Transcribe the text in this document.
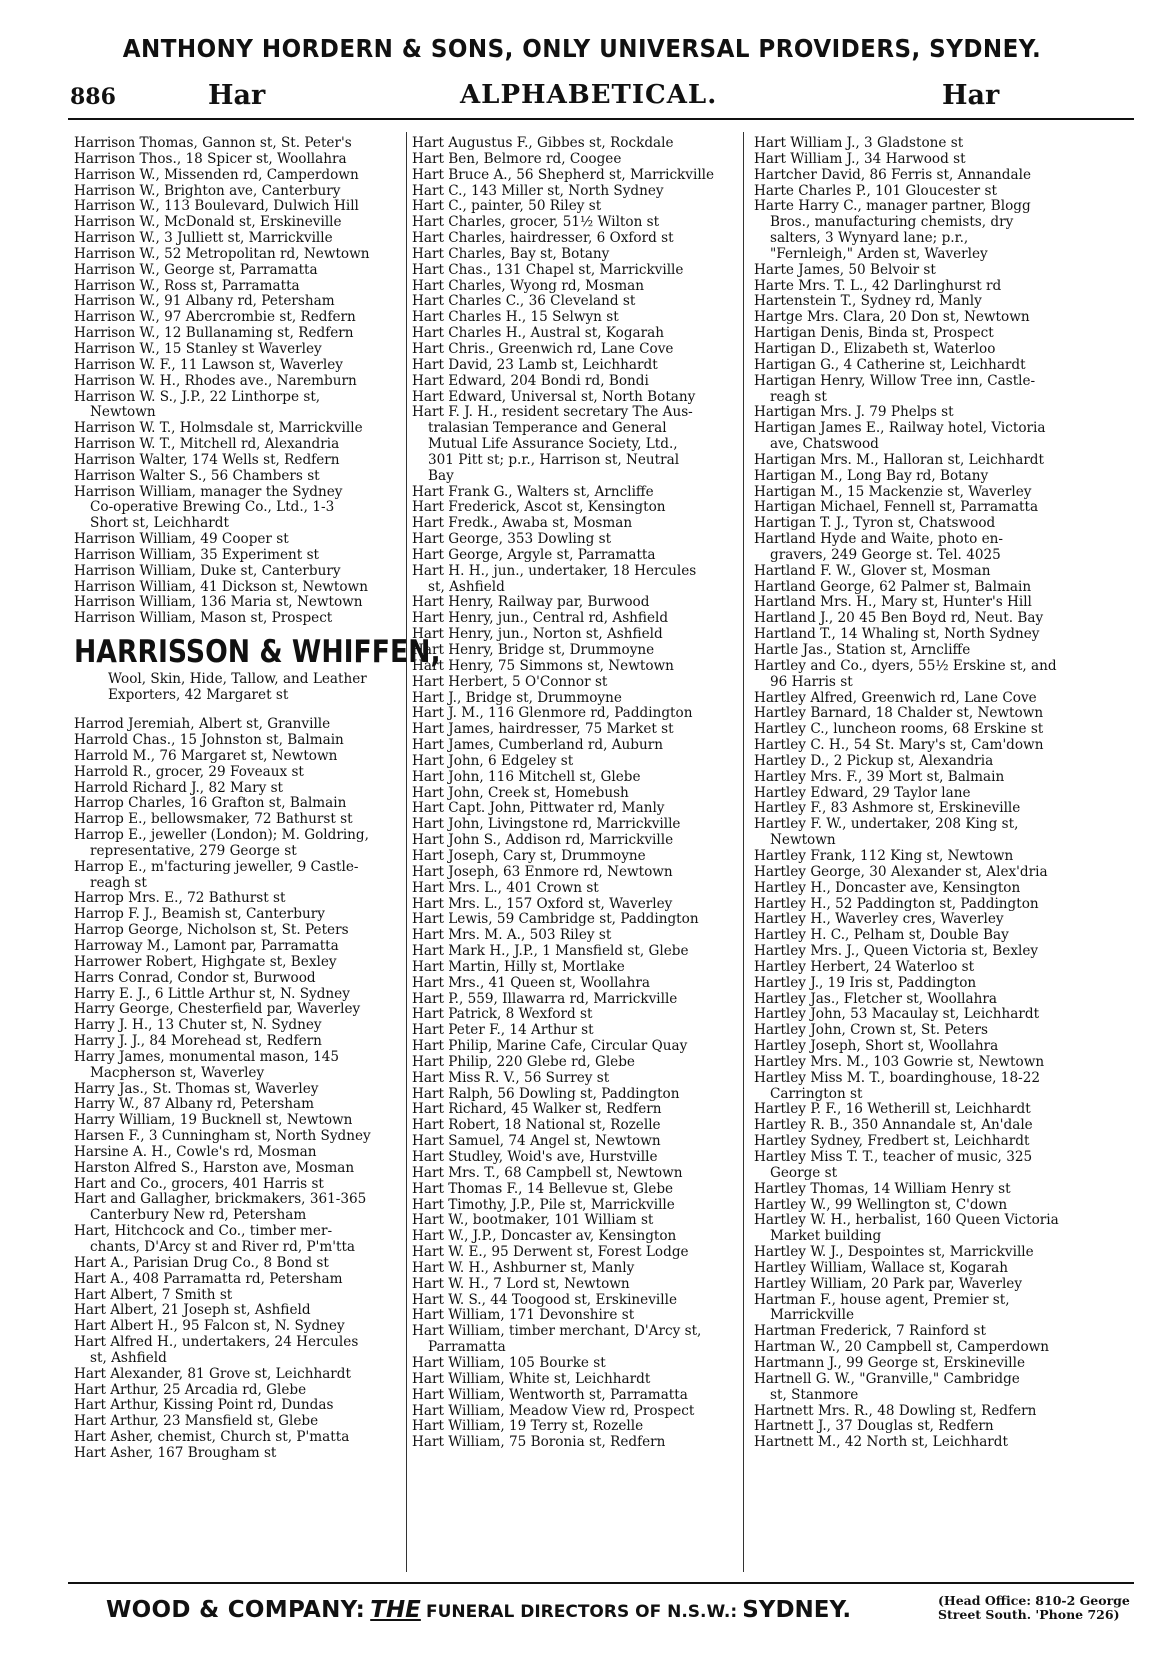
ANTHONY HORDERN & SONS, ONLY UNIVERSAL PROVIDERS, SYDNEY.
886	Har	ALPHABETICAL.	Har
Harrison Thomas, Gannon st, St. Peter's
Harrison Thos., 18 Spicer st, Woollahra
Harrison W., Missenden rd, Camperdown
Harrison W., Brighton ave, Canterbury
Harrison W., 113 Boulevard, Dulwich Hill
Harrison W., McDonald st, Erskineville
Harrison W., 3 Julliett st, Marrickville
Harrison W., 52 Metropolitan rd, Newtown
Harrison W., George st, Parramatta
Harrison W., Ross st, Parramatta
Harrison W., 91 Albany rd, Petersham
Harrison W., 97 Abercrombie st, Redfern
Harrison W., 12 Bullanaming st, Redfern
Harrison W., 15 Stanley st Waverley
Harrison W. F., 11 Lawson st, Waverley
Harrison W. H., Rhodes ave., Naremburn
Harrison W. S., J.P., 22 Linthorpe st,
Newtown
Harrison W. T., Holmsdale st, Marrickville
Harrison W. T., Mitchell rd, Alexandria
Harrison Walter, 174 Wells st, Redfern
Harrison Walter S., 56 Chambers st
Harrison William, manager the Sydney
Co-operative Brewing Co., Ltd., 1-3
Short st, Leichhardt
Harrison William, 49 Cooper st
Harrison William, 35 Experiment st
Harrison William, Duke st, Canterbury
Harrison William, 41 Dickson st, Newtown
Harrison William, 136 Maria st, Newtown
Harrison William, Mason st, Prospect
HARRISSON & WHIFFEN,
Wool, Skin, Hide, Tallow, and Leather
Exporters, 42 Margaret st
Harrod Jeremiah, Albert st, Granville
Harrold Chas., 15 Johnston st, Balmain
Harrold M., 76 Margaret st, Newtown
Harrold R., grocer, 29 Foveaux st
Harrold Richard J., 82 Mary st
Harrop Charles, 16 Grafton st, Balmain
Harrop E., bellowsmaker, 72 Bathurst st
Harrop E., jeweller (London); M. Goldring,
representative, 279 George st
Harrop E., m'facturing jeweller, 9 Castle-
reagh st
Harrop Mrs. E., 72 Bathurst st
Harrop F. J., Beamish st, Canterbury
Harrop George, Nicholson st, St. Peters
Harroway M., Lamont par, Parramatta
Harrower Robert, Highgate st, Bexley
Harrs Conrad, Condor st, Burwood
Harry E. J., 6 Little Arthur st, N. Sydney
Harry George, Chesterfield par, Waverley
Harry J. H., 13 Chuter st, N. Sydney
Harry J. J., 84 Morehead st, Redfern
Harry James, monumental mason, 145
Macpherson st, Waverley
Harry Jas., St. Thomas st, Waverley
Harry W., 87 Albany rd, Petersham
Harry William, 19 Bucknell st, Newtown
Harsen F., 3 Cunningham st, North Sydney
Harsine A. H., Cowle's rd, Mosman
Harston Alfred S., Harston ave, Mosman
Hart and Co., grocers, 401 Harris st
Hart and Gallagher, brickmakers, 361-365
Canterbury New rd, Petersham
Hart, Hitchcock and Co., timber mer-
chants, D'Arcy st and River rd, P'm'tta
Hart A., Parisian Drug Co., 8 Bond st
Hart A., 408 Parramatta rd, Petersham
Hart Albert, 7 Smith st
Hart Albert, 21 Joseph st, Ashfield
Hart Albert H., 95 Falcon st, N. Sydney
Hart Alfred H., undertakers, 24 Hercules
st, Ashfield
Hart Alexander, 81 Grove st, Leichhardt
Hart Arthur, 25 Arcadia rd, Glebe
Hart Arthur, Kissing Point rd, Dundas
Hart Arthur, 23 Mansfield st, Glebe
Hart Asher, chemist, Church st, P'matta
Hart Asher, 167 Brougham st
Hart Augustus F., Gibbes st, Rockdale
Hart Ben, Belmore rd, Coogee
Hart Bruce A., 56 Shepherd st, Marrickville
Hart C., 143 Miller st, North Sydney
Hart C., painter, 50 Riley st
Hart Charles, grocer, 51½ Wilton st
Hart Charles, hairdresser, 6 Oxford st
Hart Charles, Bay st, Botany
Hart Chas., 131 Chapel st, Marrickville
Hart Charles, Wyong rd, Mosman
Hart Charles C., 36 Cleveland st
Hart Charles H., 15 Selwyn st
Hart Charles H., Austral st, Kogarah
Hart Chris., Greenwich rd, Lane Cove
Hart David, 23 Lamb st, Leichhardt
Hart Edward, 204 Bondi rd, Bondi
Hart Edward, Universal st, North Botany
Hart F. J. H., resident secretary The Aus-
tralasian Temperance and General
Mutual Life Assurance Society, Ltd.,
301 Pitt st; p.r., Harrison st, Neutral
Bay
Hart Frank G., Walters st, Arncliffe
Hart Frederick, Ascot st, Kensington
Hart Fredk., Awaba st, Mosman
Hart George, 353 Dowling st
Hart George, Argyle st, Parramatta
Hart H. H., jun., undertaker, 18 Hercules
st, Ashfield
Hart Henry, Railway par, Burwood
Hart Henry, jun., Central rd, Ashfield
Hart Henry, jun., Norton st, Ashfield
Hart Henry, Bridge st, Drummoyne
Hart Henry, 75 Simmons st, Newtown
Hart Herbert, 5 O'Connor st
Hart J., Bridge st, Drummoyne
Hart J. M., 116 Glenmore rd, Paddington
Hart James, hairdresser, 75 Market st
Hart James, Cumberland rd, Auburn
Hart John, 6 Edgeley st
Hart John, 116 Mitchell st, Glebe
Hart John, Creek st, Homebush
Hart Capt. John, Pittwater rd, Manly
Hart John, Livingstone rd, Marrickville
Hart John S., Addison rd, Marrickville
Hart Joseph, Cary st, Drummoyne
Hart Joseph, 63 Enmore rd, Newtown
Hart Mrs. L., 401 Crown st
Hart Mrs. L., 157 Oxford st, Waverley
Hart Lewis, 59 Cambridge st, Paddington
Hart Mrs. M. A., 503 Riley st
Hart Mark H., J.P., 1 Mansfield st, Glebe
Hart Martin, Hilly st, Mortlake
Hart Mrs., 41 Queen st, Woollahra
Hart P., 559, Illawarra rd, Marrickville
Hart Patrick, 8 Wexford st
Hart Peter F., 14 Arthur st
Hart Philip, Marine Cafe, Circular Quay
Hart Philip, 220 Glebe rd, Glebe
Hart Miss R. V., 56 Surrey st
Hart Ralph, 56 Dowling st, Paddington
Hart Richard, 45 Walker st, Redfern
Hart Robert, 18 National st, Rozelle
Hart Samuel, 74 Angel st, Newtown
Hart Studley, Woid's ave, Hurstville
Hart Mrs. T., 68 Campbell st, Newtown
Hart Thomas F., 14 Bellevue st, Glebe
Hart Timothy, J.P., Pile st, Marrickville
Hart W., bootmaker, 101 William st
Hart W., J.P., Doncaster av, Kensington
Hart W. E., 95 Derwent st, Forest Lodge
Hart W. H., Ashburner st, Manly
Hart W. H., 7 Lord st, Newtown
Hart W. S., 44 Toogood st, Erskineville
Hart William, 171 Devonshire st
Hart William, timber merchant, D'Arcy st,
Parramatta
Hart William, 105 Bourke st
Hart William, White st, Leichhardt
Hart William, Wentworth st, Parramatta
Hart William, Meadow View rd, Prospect
Hart William, 19 Terry st, Rozelle
Hart William, 75 Boronia st, Redfern
Hart William J., 3 Gladstone st
Hart William J., 34 Harwood st
Hartcher David, 86 Ferris st, Annandale
Harte Charles P., 101 Gloucester st
Harte Harry C., manager partner, Blogg
Bros., manufacturing chemists, dry
salters, 3 Wynyard lane; p.r.,
"Fernleigh," Arden st, Waverley
Harte James, 50 Belvoir st
Harte Mrs. T. L., 42 Darlinghurst rd
Hartenstein T., Sydney rd, Manly
Hartge Mrs. Clara, 20 Don st, Newtown
Hartigan Denis, Binda st, Prospect
Hartigan D., Elizabeth st, Waterloo
Hartigan G., 4 Catherine st, Leichhardt
Hartigan Henry, Willow Tree inn, Castle-
reagh st
Hartigan Mrs. J. 79 Phelps st
Hartigan James E., Railway hotel, Victoria
ave, Chatswood
Hartigan Mrs. M., Halloran st, Leichhardt
Hartigan M., Long Bay rd, Botany
Hartigan M., 15 Mackenzie st, Waverley
Hartigan Michael, Fennell st, Parramatta
Hartigan T. J., Tyron st, Chatswood
Hartland Hyde and Waite, photo en-
gravers, 249 George st. Tel. 4025
Hartland F. W., Glover st, Mosman
Hartland George, 62 Palmer st, Balmain
Hartland Mrs. H., Mary st, Hunter's Hill
Hartland J., 20 45 Ben Boyd rd, Neut. Bay
Hartland T., 14 Whaling st, North Sydney
Hartle Jas., Station st, Arncliffe
Hartley and Co., dyers, 55½ Erskine st, and
96 Harris st
Hartley Alfred, Greenwich rd, Lane Cove
Hartley Barnard, 18 Chalder st, Newtown
Hartley C., luncheon rooms, 68 Erskine st
Hartley C. H., 54 St. Mary's st, Cam'down
Hartley D., 2 Pickup st, Alexandria
Hartley Mrs. F., 39 Mort st, Balmain
Hartley Edward, 29 Taylor lane
Hartley F., 83 Ashmore st, Erskineville
Hartley F. W., undertaker, 208 King st,
Newtown
Hartley Frank, 112 King st, Newtown
Hartley George, 30 Alexander st, Alex'dria
Hartley H., Doncaster ave, Kensington
Hartley H., 52 Paddington st, Paddington
Hartley H., Waverley cres, Waverley
Hartley H. C., Pelham st, Double Bay
Hartley Mrs. J., Queen Victoria st, Bexley
Hartley Herbert, 24 Waterloo st
Hartley J., 19 Iris st, Paddington
Hartley Jas., Fletcher st, Woollahra
Hartley John, 53 Macaulay st, Leichhardt
Hartley John, Crown st, St. Peters
Hartley Joseph, Short st, Woollahra
Hartley Mrs. M., 103 Gowrie st, Newtown
Hartley Miss M. T., boardinghouse, 18-22
Carrington st
Hartley P. F., 16 Wetherill st, Leichhardt
Hartley R. B., 350 Annandale st, An'dale
Hartley Sydney, Fredbert st, Leichhardt
Hartley Miss T. T., teacher of music, 325
George st
Hartley Thomas, 14 William Henry st
Hartley W., 99 Wellington st, C'down
Hartley W. H., herbalist, 160 Queen Victoria
Market building
Hartley W. J., Despointes st, Marrickville
Hartley William, Wallace st, Kogarah
Hartley William, 20 Park par, Waverley
Hartman F., house agent, Premier st,
Marrickville
Hartman Frederick, 7 Rainford st
Hartman W., 20 Campbell st, Camperdown
Hartmann J., 99 George st, Erskineville
Hartnell G. W., "Granville," Cambridge
st, Stanmore
Hartnett Mrs. R., 48 Dowling st, Redfern
Hartnett J., 37 Douglas st, Redfern
Hartnett M., 42 North st, Leichhardt
WOOD & COMPANY: THE FUNERAL DIRECTORS OF N.S.W.: SYDNEY.	(Head Office: 810-2 George
Street South. 'Phone 726)
